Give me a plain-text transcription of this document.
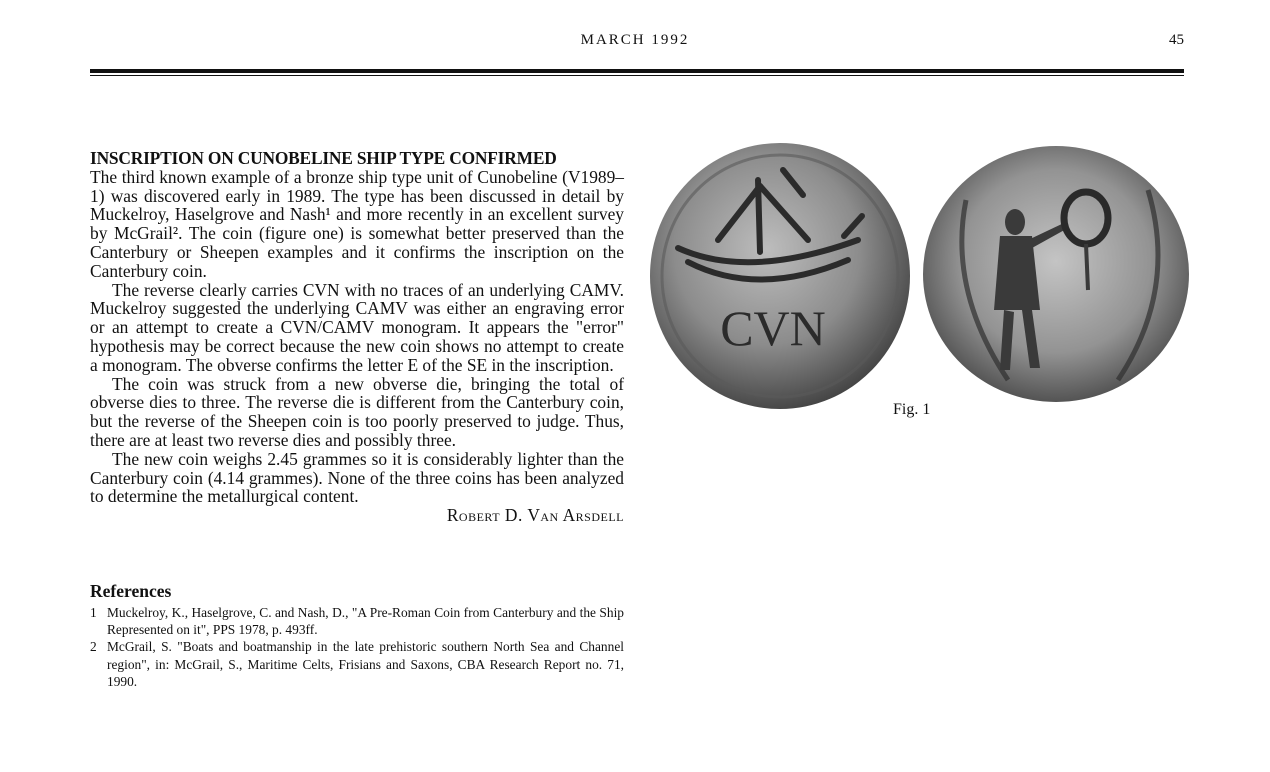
MARCH 1992	45
INSCRIPTION ON CUNOBELINE SHIP TYPE CONFIRMED

The third known example of a bronze ship type unit of Cunobeline (V1989–1) was discovered early in 1989. The type has been discussed in detail by Muckelroy, Haselgrove and Nash¹ and more recently in an excellent survey by McGrail². The coin (figure one) is somewhat better preserved than the Canterbury or Sheepen examples and it confirms the inscription on the Canterbury coin.

The reverse clearly carries CVN with no traces of an underlying CAMV. Muckelroy suggested the underlying CAMV was either an engraving error or an attempt to create a CVN/CAMV monogram. It appears the "error" hypothesis may be correct because the new coin shows no attempt to create a monogram. The obverse confirms the letter E of the SE in the inscription.

The coin was struck from a new obverse die, bringing the total of obverse dies to three. The reverse die is different from the Canterbury coin, but the reverse of the Sheepen coin is too poorly preserved to judge. Thus, there are at least two reverse dies and possibly three.

The new coin weighs 2.45 grammes so it is considerably lighter than the Canterbury coin (4.14 grammes). None of the three coins has been analyzed to determine the metallurgical content.

Robert D. Van Arsdell
References
1 Muckelroy, K., Haselgrove, C. and Nash, D., "A Pre-Roman Coin from Canterbury and the Ship Represented on it", PPS 1978, p. 493ff.
2 McGrail, S. "Boats and boatmanship in the late prehistoric southern North Sea and Channel region", in: McGrail, S., Maritime Celts, Frisians and Saxons, CBA Research Report no. 71, 1990.
CVN
Fig. 1
